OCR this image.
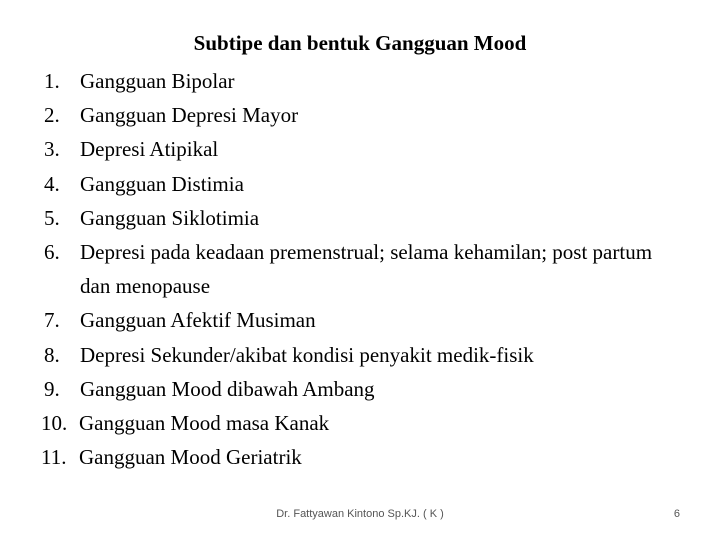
Subtipe dan bentuk Gangguan Mood
1. Gangguan Bipolar
2. Gangguan Depresi Mayor
3. Depresi Atipikal
4. Gangguan Distimia
5. Gangguan Siklotimia
6. Depresi pada keadaan premenstrual; selama kehamilan; post partum dan menopause
7. Gangguan Afektif Musiman
8. Depresi Sekunder/akibat kondisi penyakit medik-fisik
9. Gangguan Mood dibawah Ambang
10. Gangguan Mood masa Kanak
11. Gangguan Mood Geriatrik
Dr. Fattyawan Kintono Sp.KJ. ( K )	6
